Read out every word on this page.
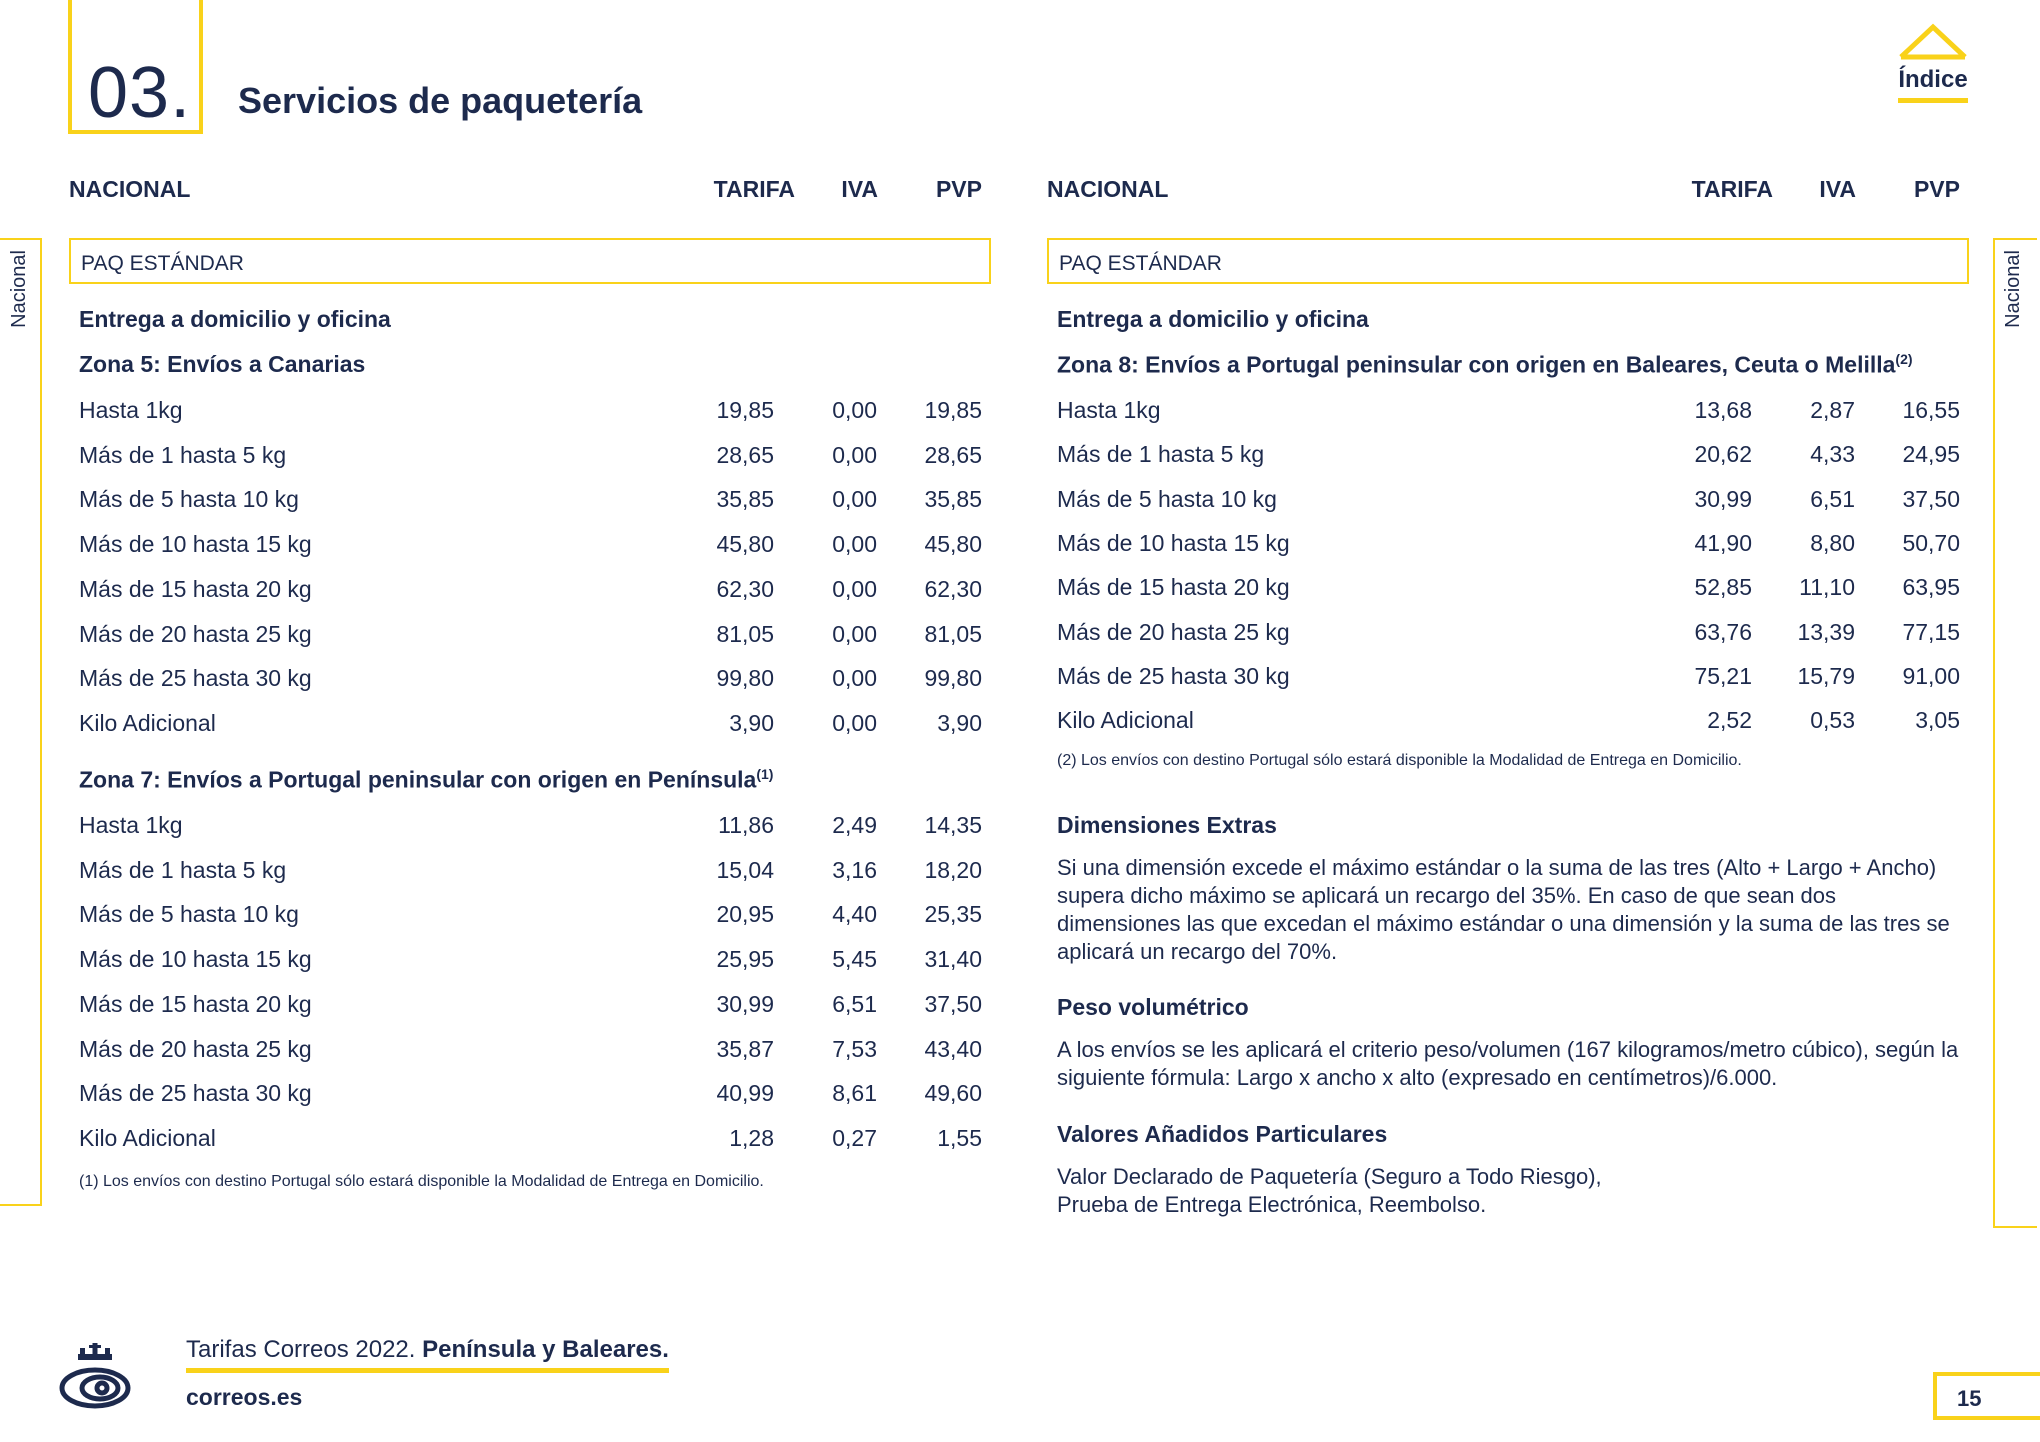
03. Servicios de paquetería
Índice
Nacional	Nacional
NACIONAL	TARIFA IVA	PVP
PAQ ESTÁNDAR
Entrega a domicilio y oficina
Zona 5: Envíos a Canarias
Hasta 1kg	19,85	0,00 19,85
Más de 1 hasta 5 kg	28,65	0,00 28,65
Más de 5 hasta 10 kg	35,85	0,00 35,85
Más de 10 hasta 15 kg	45,80	0,00 45,80
Más de 15 hasta 20 kg	62,30	0,00 62,30
Más de 20 hasta 25 kg	81,05	0,00 81,05
Más de 25 hasta 30 kg	99,80	0,00 99,80
Kilo Adicional	3,90	0,00	3,90
Zona 7: Envíos a Portugal peninsular con origen en Península$^{(1)}$
Hasta 1kg	11,86	2,49 14,35
Más de 1 hasta 5 kg	15,04	3,16 18,20
Más de 5 hasta 10 kg	20,95	4,40 25,35
Más de 10 hasta 15 kg	25,95	5,45 31,40
Más de 15 hasta 20 kg	30,99	6,51 37,50
Más de 20 hasta 25 kg	35,87	7,53 43,40
Más de 25 hasta 30 kg	40,99	8,61 49,60
Kilo Adicional	1,28	0,27	1,55
(1) Los envíos con destino Portugal sólo estará disponible la Modalidad de Entrega en Domicilio.
NACIONAL	TARIFA IVA	PVP
PAQ ESTÁNDAR
Entrega a domicilio y oficina
Zona 8: Envíos a Portugal peninsular con origen en Baleares, Ceuta o Melilla$^{(2)}$
Hasta 1kg	13,68	2,87 16,55
Más de 1 hasta 5 kg	20,62	4,33 24,95
Más de 5 hasta 10 kg	30,99	6,51 37,50
Más de 10 hasta 15 kg	41,90	8,80 50,70
Más de 15 hasta 20 kg	52,85 11,10 63,95
Más de 20 hasta 25 kg	63,76 13,39 77,15
Más de 25 hasta 30 kg	75,21 15,79 91,00
Kilo Adicional	2,52	0,53	3,05
(2) Los envíos con destino Portugal sólo estará disponible la Modalidad de Entrega en Domicilio.
Dimensiones Extras
Si una dimensión excede el máximo estándar o la suma de las tres (Alto + Largo + Ancho) supera dicho máximo se aplicará un recargo del 35%. En caso de que sean dos dimensiones las que excedan el máximo estándar o una dimensión y la suma de las tres se aplicará un recargo del 70%.
Peso volumétrico
A los envíos se les aplicará el criterio peso/volumen (167 kilogramos/metro cúbico), según la siguiente fórmula: Largo x ancho x alto (expresado en centímetros)/6.000.
Valores Añadidos Particulares
Valor Declarado de Paquetería (Seguro a Todo Riesgo),
Prueba de Entrega Electrónica, Reembolso.
Tarifas Correos 2022. Península y Baleares.
correos.es	15
